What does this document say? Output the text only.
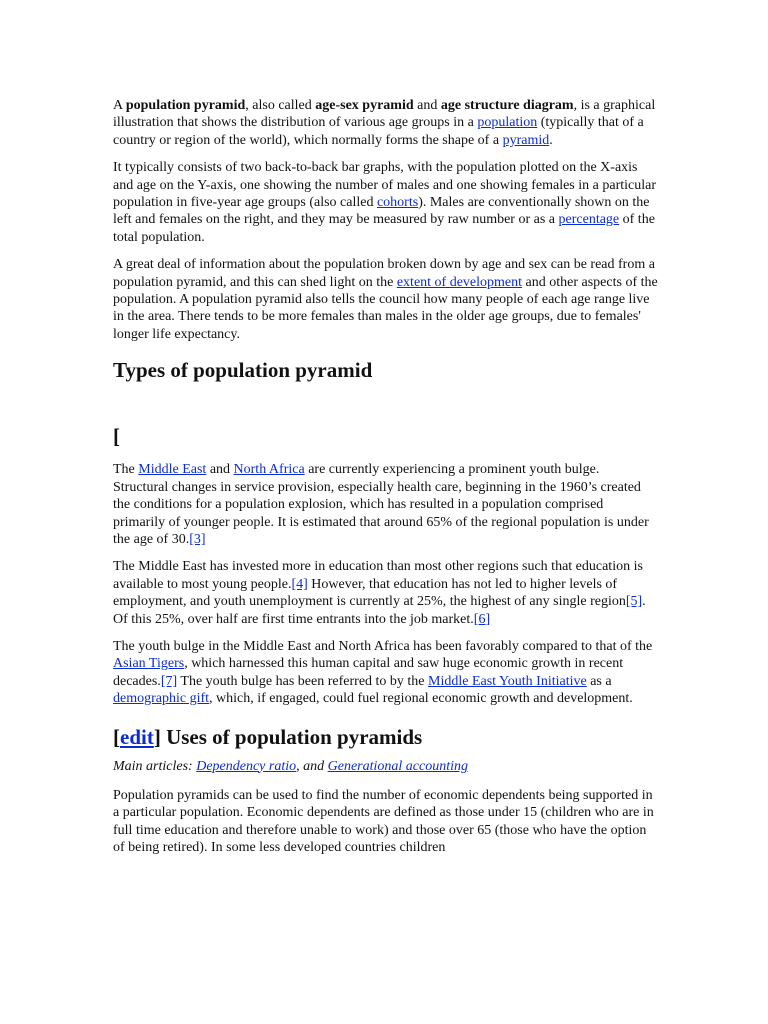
A population pyramid, also called age-sex pyramid and age structure diagram, is a graphical illustration that shows the distribution of various age groups in a population (typically that of a country or region of the world), which normally forms the shape of a pyramid.

It typically consists of two back-to-back bar graphs, with the population plotted on the X-axis and age on the Y-axis, one showing the number of males and one showing females in a particular population in five-year age groups (also called cohorts). Males are conventionally shown on the left and females on the right, and they may be measured by raw number or as a percentage of the total population.

A great deal of information about the population broken down by age and sex can be read from a population pyramid, and this can shed light on the extent of development and other aspects of the population. A population pyramid also tells the council how many people of each age range live in the area. There tends to be more females than males in the older age groups, due to females' longer life expectancy.

Types of population pyramid
[

The Middle East and North Africa are currently experiencing a prominent youth bulge. Structural changes in service provision, especially health care, beginning in the 1960’s created the conditions for a population explosion, which has resulted in a population comprised primarily of younger people. It is estimated that around 65% of the regional population is under the age of 30.[3]

The Middle East has invested more in education than most other regions such that education is available to most young people.[4] However, that education has not led to higher levels of employment, and youth unemployment is currently at 25%, the highest of any single region[5]. Of this 25%, over half are first time entrants into the job market.[6]

The youth bulge in the Middle East and North Africa has been favorably compared to that of the Asian Tigers, which harnessed this human capital and saw huge economic growth in recent decades.[7] The youth bulge has been referred to by the Middle East Youth Initiative as a demographic gift, which, if engaged, could fuel regional economic growth and development.

[edit] Uses of population pyramids

Main articles: Dependency ratio, and Generational accounting

Population pyramids can be used to find the number of economic dependents being supported in a particular population. Economic dependents are defined as those under 15 (children who are in full time education and therefore unable to work) and those over 65 (those who have the option of being retired). In some less developed countries children
